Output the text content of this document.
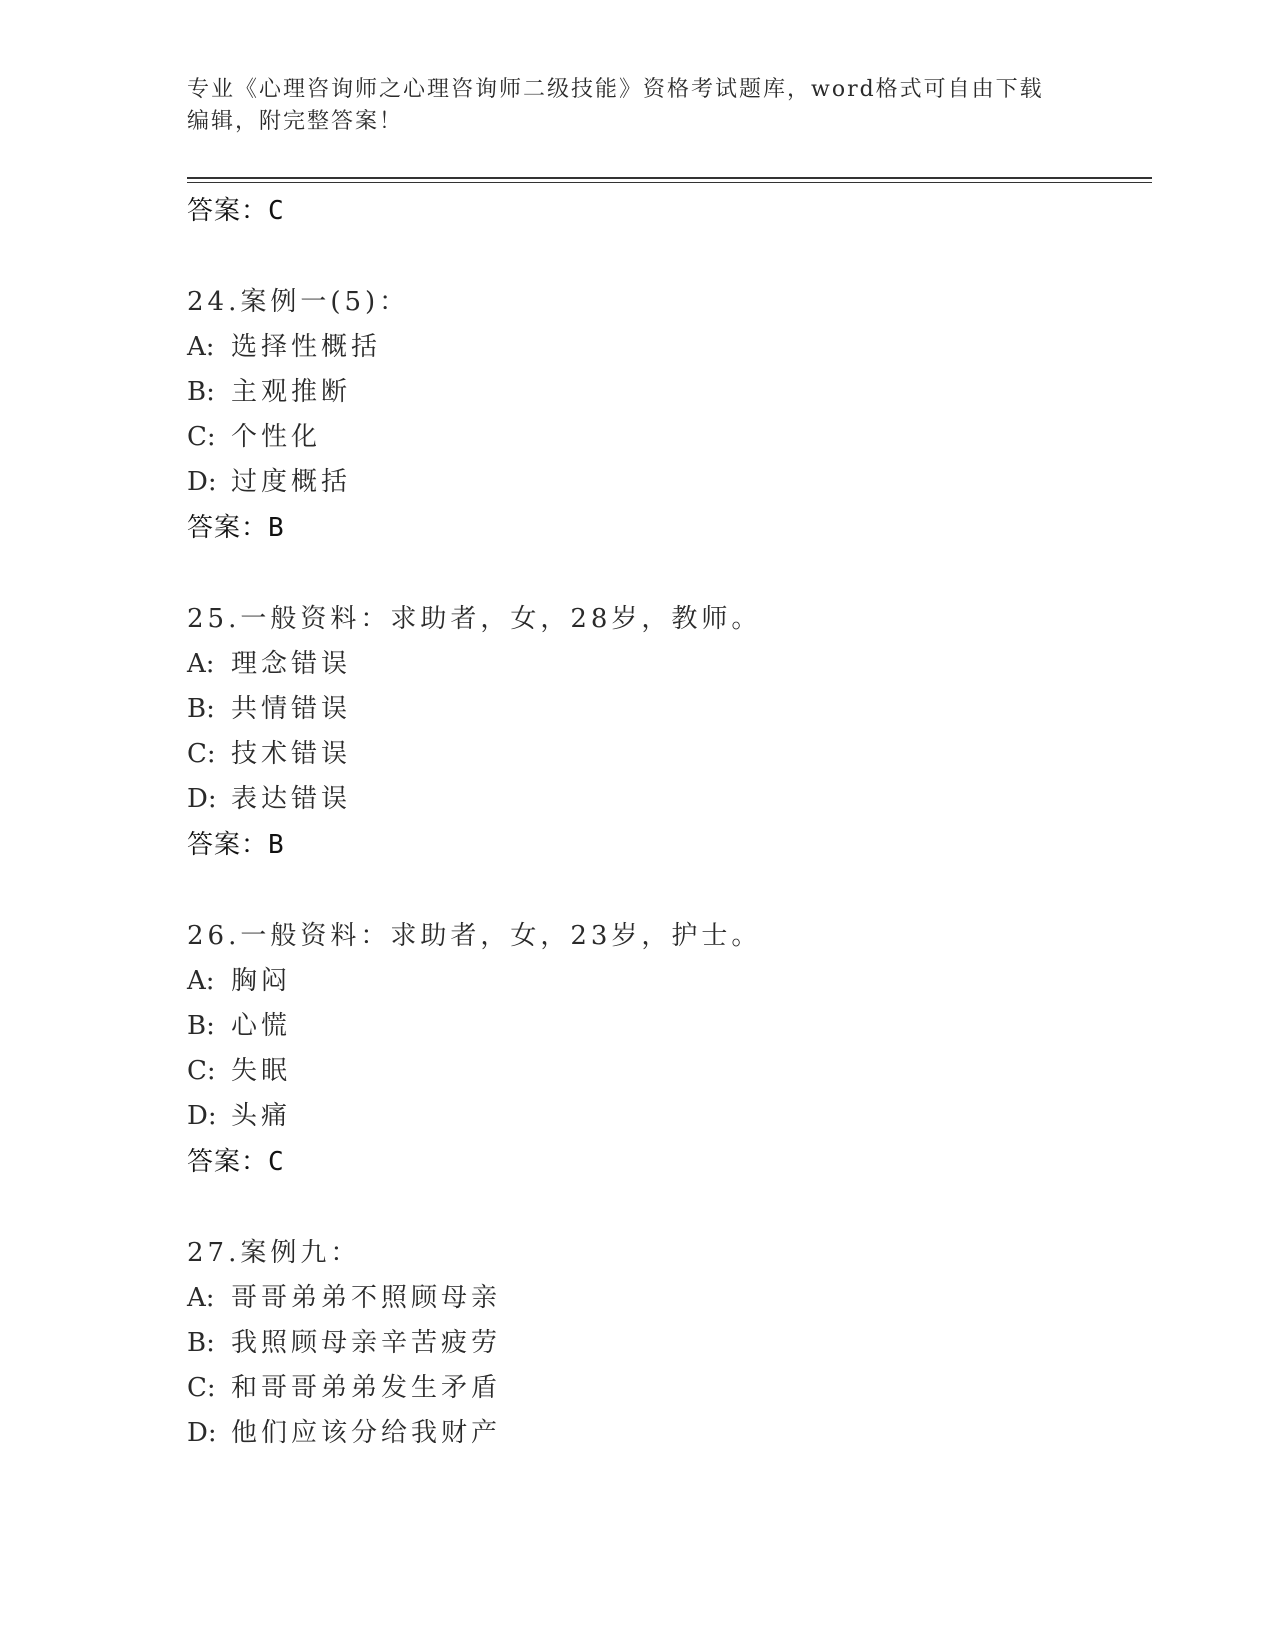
专业《心理咨询师之心理咨询师二级技能》资格考试题库，word格式可自由下载
编辑，附完整答案！
答案：C
24.案例一(5)：
A: 选择性概括
B: 主观推断
C: 个性化
D: 过度概括
答案：B
25.一般资料：求助者，女，28岁，教师。
A: 理念错误
B: 共情错误
C: 技术错误
D: 表达错误
答案：B
26.一般资料：求助者，女，23岁，护士。
A: 胸闷
B: 心慌
C: 失眠
D: 头痛
答案：C
27.案例九：
A: 哥哥弟弟不照顾母亲
B: 我照顾母亲辛苦疲劳
C: 和哥哥弟弟发生矛盾
D: 他们应该分给我财产
